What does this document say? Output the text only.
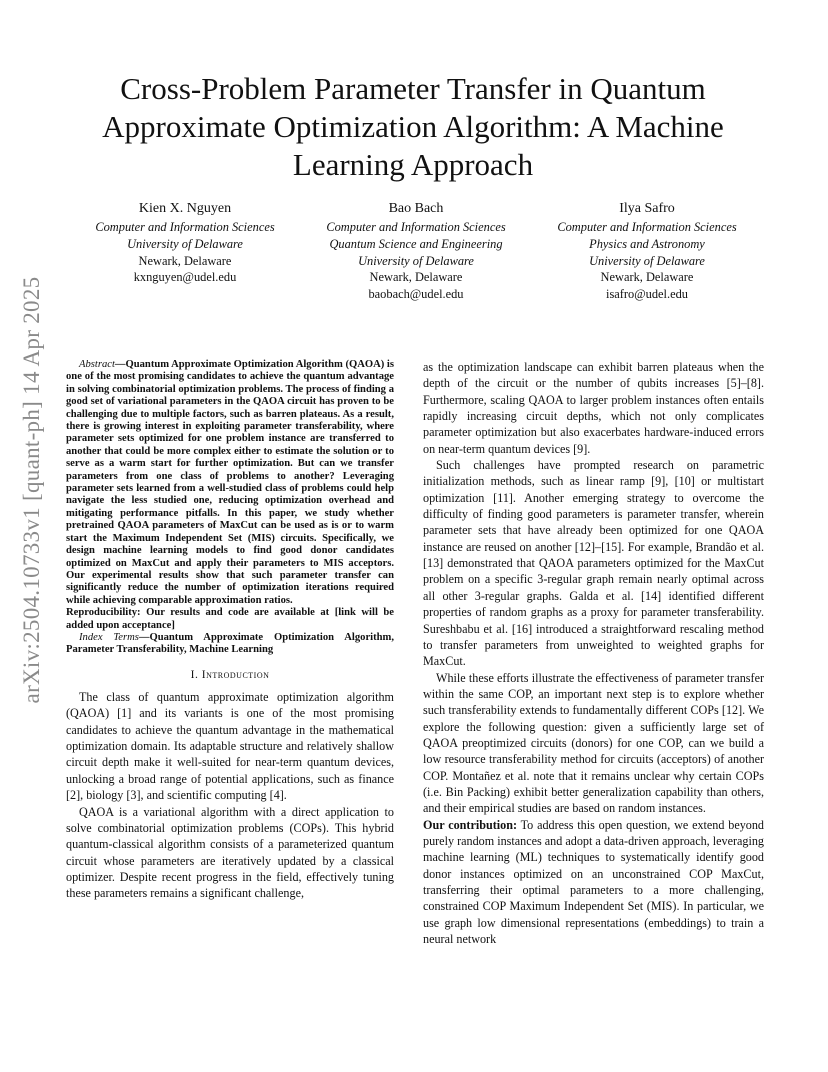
arXiv:2504.10733v1 [quant-ph] 14 Apr 2025
Cross-Problem Parameter Transfer in Quantum Approximate Optimization Algorithm: A Machine Learning Approach
Kien X. Nguyen
Computer and Information Sciences
University of Delaware
Newark, Delaware
kxnguyen@udel.edu
Bao Bach
Computer and Information Sciences
Quantum Science and Engineering
University of Delaware
Newark, Delaware
baobach@udel.edu
Ilya Safro
Computer and Information Sciences
Physics and Astronomy
University of Delaware
Newark, Delaware
isafro@udel.edu

Abstract—Quantum Approximate Optimization Algorithm (QAOA) is one of the most promising candidates to achieve the quantum advantage in solving combinatorial optimization problems. The process of finding a good set of variational parameters in the QAOA circuit has proven to be challenging due to multiple factors, such as barren plateaus. As a result, there is growing interest in exploiting parameter transferability, where parameter sets optimized for one problem instance are transferred to another that could be more complex either to estimate the solution or to serve as a warm start for further optimization. But can we transfer parameters from one class of problems to another? Leveraging parameter sets learned from a well-studied class of problems could help navigate the less studied one, reducing optimization overhead and mitigating performance pitfalls. In this paper, we study whether pretrained QAOA parameters of MaxCut can be used as is or to warm start the Maximum Independent Set (MIS) circuits. Specifically, we design machine learning models to find good donor candidates optimized on MaxCut and apply their parameters to MIS acceptors. Our experimental results show that such parameter transfer can significantly reduce the number of optimization iterations required while achieving comparable approximation ratios.

Reproducibility: Our results and code are available at [link will be added upon acceptance]

Index Terms—Quantum Approximate Optimization Algorithm, Parameter Transferability, Machine Learning

I. Introduction

The class of quantum approximate optimization algorithm (QAOA) [1] and its variants is one of the most promising candidates to achieve the quantum advantage in the mathematical optimization domain. Its adaptable structure and relatively shallow circuit depth make it well-suited for near-term quantum devices, unlocking a broad range of potential applications, such as finance [2], biology [3], and scientific computing [4].

QAOA is a variational algorithm with a direct application to solve combinatorial optimization problems (COPs). This hybrid quantum-classical algorithm consists of a parameterized quantum circuit whose parameters are iteratively updated by a classical optimizer. Despite recent progress in the field, effectively tuning these parameters remains a significant challenge,

as the optimization landscape can exhibit barren plateaus when the depth of the circuit or the number of qubits increases [5]–[8]. Furthermore, scaling QAOA to larger problem instances often entails rapidly increasing circuit depths, which not only complicates parameter optimization but also exacerbates hardware-induced errors on near-term quantum devices [9].

Such challenges have prompted research on parametric initialization methods, such as linear ramp [9], [10] or multistart optimization [11]. Another emerging strategy to overcome the difficulty of finding good parameters is parameter transfer, wherein parameter sets that have already been optimized for one QAOA instance are reused on another [12]–[15]. For example, Brandão et al. [13] demonstrated that QAOA parameters optimized for the MaxCut problem on a specific 3-regular graph remain nearly optimal across all other 3-regular graphs. Galda et al. [14] identified different properties of random graphs as a proxy for parameter transferability. Sureshbabu et al. [16] introduced a straightforward rescaling method to transfer parameters from unweighted to weighted graphs for MaxCut.

While these efforts illustrate the effectiveness of parameter transfer within the same COP, an important next step is to explore whether such transferability extends to fundamentally different COPs [12]. We explore the following question: given a sufficiently large set of QAOA preoptimized circuits (donors) for one COP, can we build a low resource transferability method for circuits (acceptors) of another COP. Montañez et al. note that it remains unclear why certain COPs (i.e. Bin Packing) exhibit better generalization capability than others, and their empirical studies are based on random instances.

Our contribution: To address this open question, we extend beyond purely random instances and adopt a data-driven approach, leveraging machine learning (ML) techniques to systematically identify good donor instances optimized on an unconstrained COP MaxCut, transferring their optimal parameters to a more challenging, constrained COP Maximum Independent Set (MIS). In particular, we use graph low dimensional representations (embeddings) to train a neural network
